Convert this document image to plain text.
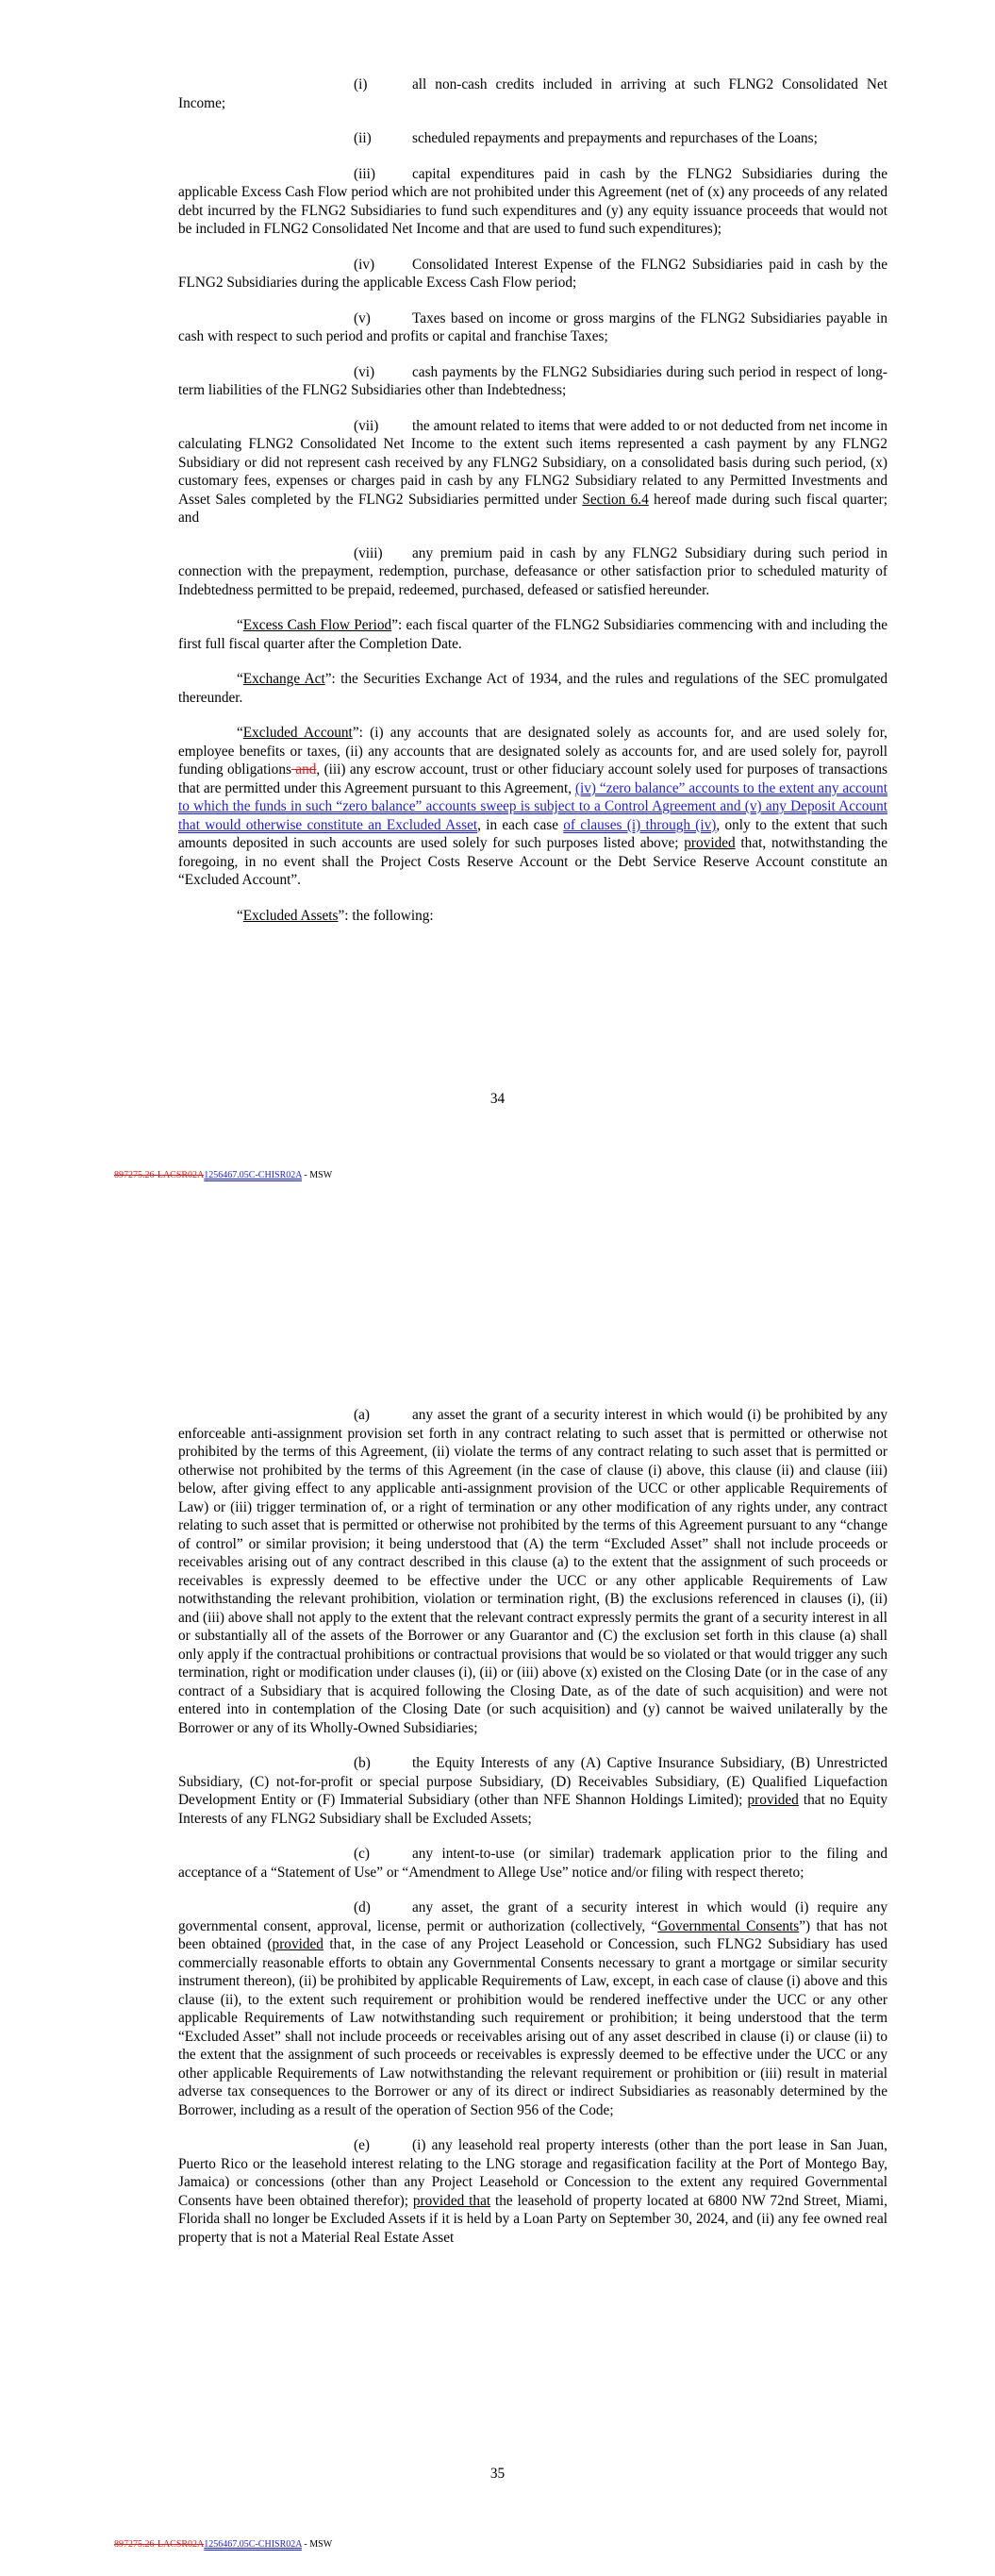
(i)	all non-cash credits included in arriving at such FLNG2 Consolidated Net Income;

(ii)	scheduled repayments and prepayments and repurchases of the Loans;

(iii)	capital expenditures paid in cash by the FLNG2 Subsidiaries during the applicable Excess Cash Flow period which are not prohibited under this Agreement (net of (x) any proceeds of any related debt incurred by the FLNG2 Subsidiaries to fund such expenditures and (y) any equity issuance proceeds that would not be included in FLNG2 Consolidated Net Income and that are used to fund such expenditures);

(iv)	Consolidated Interest Expense of the FLNG2 Subsidiaries paid in cash by the FLNG2 Subsidiaries during the applicable Excess Cash Flow period;

(v)	Taxes based on income or gross margins of the FLNG2 Subsidiaries payable in cash with respect to such period and profits or capital and franchise Taxes;

(vi)	cash payments by the FLNG2 Subsidiaries during such period in respect of long-term liabilities of the FLNG2 Subsidiaries other than Indebtedness;

(vii) the amount related to items that were added to or not deducted from net income in calculating FLNG2 Consolidated Net Income to the extent such items represented a cash payment by any FLNG2 Subsidiary or did not represent cash received by any FLNG2 Subsidiary, on a consolidated basis during such period, (x) customary fees, expenses or charges paid in cash by any FLNG2 Subsidiary related to any Permitted Investments and Asset Sales completed by the FLNG2 Subsidiaries permitted under Section 6.4 hereof made during such fiscal quarter; and

(viii) any premium paid in cash by any FLNG2 Subsidiary during such period in connection with the prepayment, redemption, purchase, defeasance or other satisfaction prior to scheduled maturity of Indebtedness permitted to be prepaid, redeemed, purchased, defeased or satisfied hereunder.

“Excess Cash Flow Period”: each fiscal quarter of the FLNG2 Subsidiaries commencing with and including the first full fiscal quarter after the Completion Date.

“Exchange Act”: the Securities Exchange Act of 1934, and the rules and regulations of the SEC promulgated thereunder.

“Excluded Account”: (i) any accounts that are designated solely as accounts for, and are used solely for, employee benefits or taxes, (ii) any accounts that are designated solely as accounts for, and are used solely for, payroll funding obligations and, (iii) any escrow account, trust or other fiduciary account solely used for purposes of transactions that are permitted under this Agreement pursuant to this Agreement, (iv) “zero balance” accounts to the extent any account to which the funds in such “zero balance” accounts sweep is subject to a Control Agreement and (v) any Deposit Account that would otherwise constitute an Excluded Asset, in each case of clauses (i) through (iv), only to the extent that such amounts deposited in such accounts are used solely for such purposes listed above; provided that, notwithstanding the foregoing, in no event shall the Project Costs Reserve Account or the Debt Service Reserve Account constitute an “Excluded Account”.

“Excluded Assets”: the following:

34
897275.26-LACSR02A1256467.05C-CHISR02A - MSW

(a)	any asset the grant of a security interest in which would (i) be prohibited by any enforceable anti-assignment provision set forth in any contract relating to such asset that is permitted or otherwise not prohibited by the terms of this Agreement, (ii) violate the terms of any contract relating to such asset that is permitted or otherwise not prohibited by the terms of this Agreement (in the case of clause (i) above, this clause (ii) and clause (iii) below, after giving effect to any applicable anti-assignment provision of the UCC or other applicable Requirements of Law) or (iii) trigger termination of, or a right of termination or any other modification of any rights under, any contract relating to such asset that is permitted or otherwise not prohibited by the terms of this Agreement pursuant to any “change of control” or similar provision; it being understood that (A) the term “Excluded Asset” shall not include proceeds or receivables arising out of any contract described in this clause (a) to the extent that the assignment of such proceeds or receivables is expressly deemed to be effective under the UCC or any other applicable Requirements of Law notwithstanding the relevant prohibition, violation or termination right, (B) the exclusions referenced in clauses (i), (ii) and (iii) above shall not apply to the extent that the relevant contract expressly permits the grant of a security interest in all or substantially all of the assets of the Borrower or any Guarantor and (C) the exclusion set forth in this clause (a) shall only apply if the contractual prohibitions or contractual provisions that would be so violated or that would trigger any such termination, right or modification under clauses (i), (ii) or (iii) above (x) existed on the Closing Date (or in the case of any contract of a Subsidiary that is acquired following the Closing Date, as of the date of such acquisition) and were not entered into in contemplation of the Closing Date (or such acquisition) and (y) cannot be waived unilaterally by the Borrower or any of its Wholly-Owned Subsidiaries;

(b)	the Equity Interests of any (A) Captive Insurance Subsidiary, (B) Unrestricted Subsidiary, (C) not-for-profit or special purpose Subsidiary, (D) Receivables Subsidiary, (E) Qualified Liquefaction Development Entity or (F) Immaterial Subsidiary (other than NFE Shannon Holdings Limited); provided that no Equity Interests of any FLNG2 Subsidiary shall be Excluded Assets;

(c)	any intent-to-use (or similar) trademark application prior to the filing and acceptance of a “Statement of Use” or “Amendment to Allege Use” notice and/or filing with respect thereto;

(d)	any asset, the grant of a security interest in which would (i) require any governmental consent, approval, license, permit or authorization (collectively, “Governmental Consents”) that has not been obtained (provided that, in the case of any Project Leasehold or Concession, such FLNG2 Subsidiary has used commercially reasonable efforts to obtain any Governmental Consents necessary to grant a mortgage or similar security instrument thereon), (ii) be prohibited by applicable Requirements of Law, except, in each case of clause (i) above and this clause (ii), to the extent such requirement or prohibition would be rendered ineffective under the UCC or any other applicable Requirements of Law notwithstanding such requirement or prohibition; it being understood that the term “Excluded Asset” shall not include proceeds or receivables arising out of any asset described in clause (i) or clause (ii) to the extent that the assignment of such proceeds or receivables is expressly deemed to be effective under the UCC or any other applicable Requirements of Law notwithstanding the relevant requirement or prohibition or (iii) result in material adverse tax consequences to the Borrower or any of its direct or indirect Subsidiaries as reasonably determined by the Borrower, including as a result of the operation of Section 956 of the Code;

(e)	(i) any leasehold real property interests (other than the port lease in San Juan, Puerto Rico or the leasehold interest relating to the LNG storage and regasification facility at the Port of Montego Bay, Jamaica) or concessions (other than any Project Leasehold or Concession to the extent any required Governmental Consents have been obtained therefor); provided that the leasehold of property located at 6800 NW 72nd Street, Miami, Florida shall no longer be Excluded Assets if it is held by a Loan Party on September 30, 2024, and (ii) any fee owned real property that is not a Material Real Estate Asset

35
897275.26-LACSR02A1256467.05C-CHISR02A - MSW
